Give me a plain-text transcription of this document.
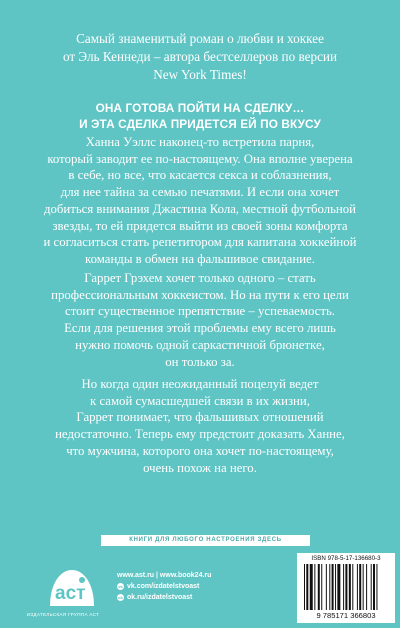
Самый знаменитый роман о любви и хоккее
от Эль Кеннеди – автора бестселлеров по версии
New York Times!
ОНА ГОТОВА ПОЙТИ НА СДЕЛКУ…
И ЭТА СДЕЛКА ПРИДЕТСЯ ЕЙ ПО ВКУСУ
Ханна Уэллс наконец-то встретила парня,
который заводит ее по-настоящему. Она вполне уверена
в себе, но все, что касается секса и соблазнения,
для нее тайна за семью печатями. И если она хочет
добиться внимания Джастина Кола, местной футбольной
звезды, то ей придется выйти из своей зоны комфорта
и согласиться стать репетитором для капитана хоккейной
команды в обмен на фальшивое свидание.
Гаррет Грэхем хочет только одного – стать
профессиональным хоккеистом. Но на пути к его цели
стоит существенное препятствие – успеваемость.
Если для решения этой проблемы ему всего лишь
нужно помочь одной саркастичной брюнетке,
он только за.
Но когда один неожиданный поцелуй ведет
к самой сумасшедшей связи в их жизни,
Гаррет понимает, что фальшивых отношений
недостаточно. Теперь ему предстоит доказать Ханне,
что мужчина, которого она хочет по-настоящему,
очень похож на него.
КНИГИ ДЛЯ ЛЮБОГО НАСТРОЕНИЯ ЗДЕСЬ
аст
ИЗДАТЕЛЬСКАЯ ГРУППА АСТ
www.ast.ru | www.book24.ru
vk vk.com/izdatelstvoast
ok ok.ru/izdatelstvoast
ISBN 978-5-17-136680-3
9 785171 366803
